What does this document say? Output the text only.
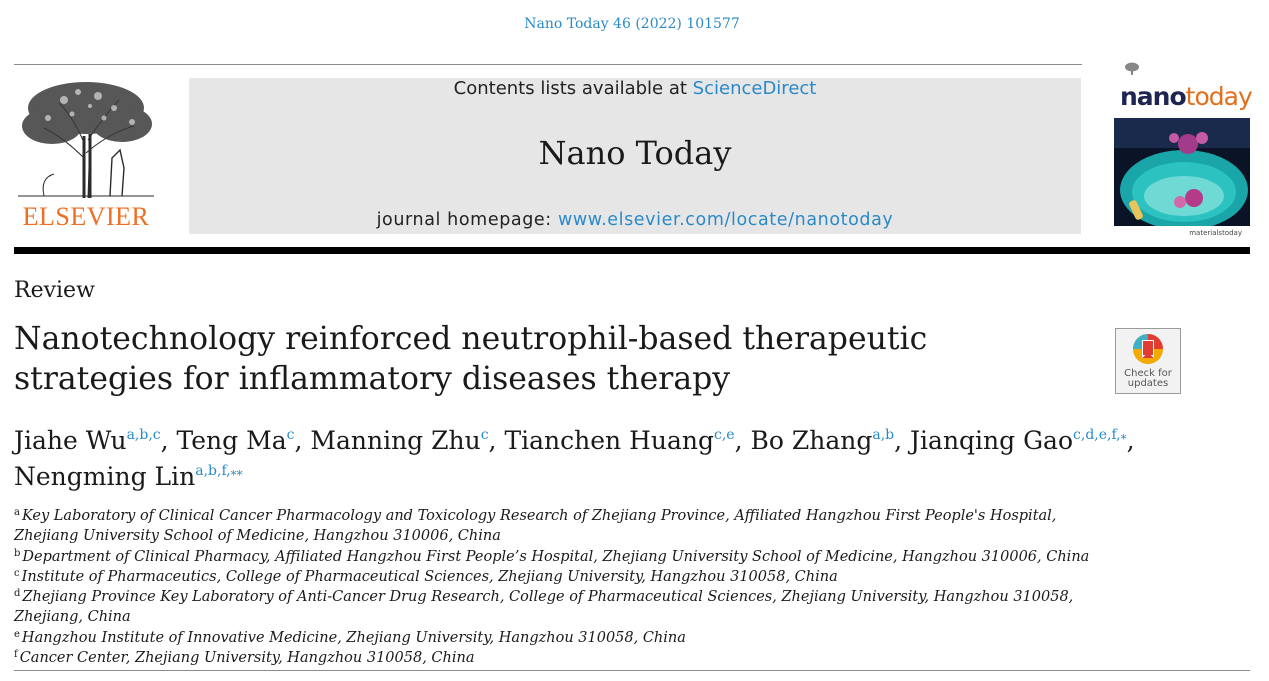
Nano Today 46 (2022) 101577
ELSEVIER
Contents lists available at ScienceDirect
Nano Today
journal homepage: www.elsevier.com/locate/nanotoday
nanotoday
materialstoday
Review
Nanotechnology reinforced neutrophil-based therapeutic strategies for inflammatory diseases therapy	Check for
updates
Jiahe Wu$^{a,b,c}$, Teng Ma$^c$, Manning Zhu$^c$, Tianchen Huang$^{c,e}$, Bo Zhang$^{a,b}$, Jianqing Gao$^{c,d,e,f,⁎}$,
Nengming Lin$^{a,b,f,⁎⁎}$
$^a$ Key Laboratory of Clinical Cancer Pharmacology and Toxicology Research of Zhejiang Province, Affiliated Hangzhou First People's Hospital, Zhejiang University School of Medicine, Hangzhou 310006, China
$^b$ Department of Clinical Pharmacy, Affiliated Hangzhou First People’s Hospital, Zhejiang University School of Medicine, Hangzhou 310006, China
$^c$ Institute of Pharmaceutics, College of Pharmaceutical Sciences, Zhejiang University, Hangzhou 310058, China
$^d$ Zhejiang Province Key Laboratory of Anti-Cancer Drug Research, College of Pharmaceutical Sciences, Zhejiang University, Hangzhou 310058, Zhejiang, China
$^e$ Hangzhou Institute of Innovative Medicine, Zhejiang University, Hangzhou 310058, China
$^f$ Cancer Center, Zhejiang University, Hangzhou 310058, China
